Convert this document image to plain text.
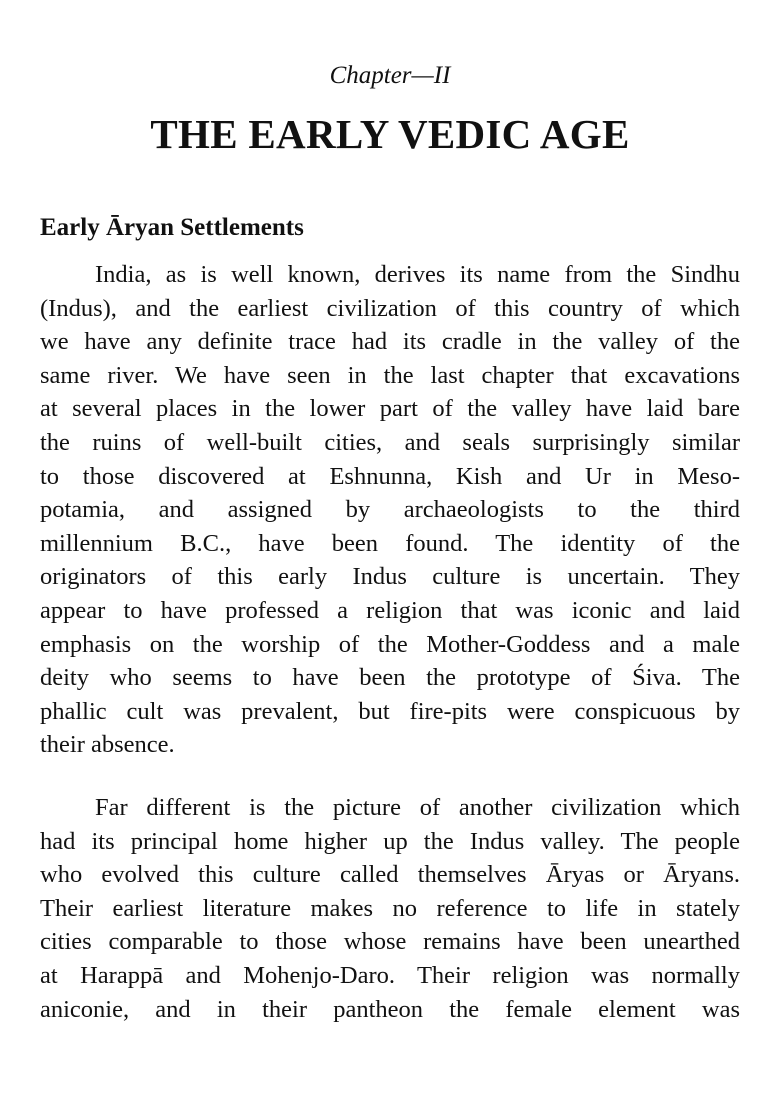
Chapter—II
THE EARLY VEDIC AGE
Early Āryan Settlements
India, as is well known, derives its name from the Sindhu
(Indus), and the earliest civilization of this country of which
we have any definite trace had its cradle in the valley of the
same river. We have seen in the last chapter that excavations
at several places in the lower part of the valley have laid bare
the ruins of well-built cities, and seals surprisingly similar
to those discovered at Eshnunna, Kish and Ur in Meso-
potamia, and assigned by archaeologists to the third
millennium B.C., have been found. The identity of the
originators of this early Indus culture is uncertain. They
appear to have professed a religion that was iconic and laid
emphasis on the worship of the Mother-Goddess and a male
deity who seems to have been the prototype of Śiva. The
phallic cult was prevalent, but fire-pits were conspicuous by
their absence.
Far different is the picture of another civilization which
had its principal home higher up the Indus valley. The people
who evolved this culture called themselves Āryas or Āryans.
Their earliest literature makes no reference to life in stately
cities comparable to those whose remains have been unearthed
at Harappā and Mohenjo-Daro. Their religion was normally
aniconie, and in their pantheon the female element was
